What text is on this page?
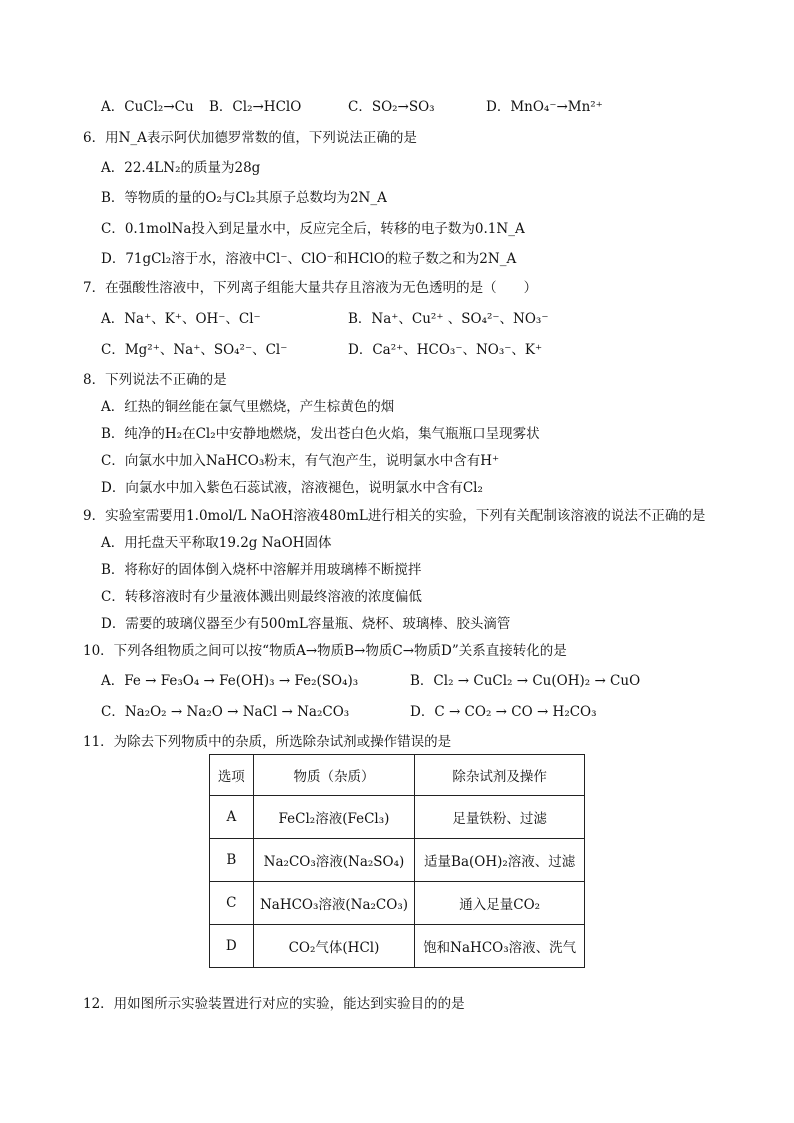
A．CuCl₂→Cu B．Cl₂→HClO	C．SO₂→SO₃	D．MnO₄⁻→Mn²⁺
6．用N_A表示阿伏加德罗常数的值，下列说法正确的是
A．22.4LN₂的质量为28g
B．等物质的量的O₂与Cl₂其原子总数均为2N_A
C．0.1molNa投入到足量水中，反应完全后，转移的电子数为0.1N_A
D．71gCl₂溶于水，溶液中Cl⁻、ClO⁻和HClO的粒子数之和为2N_A
7．在强酸性溶液中，下列离子组能大量共存且溶液为无色透明的是（　　）
A．Na⁺、K⁺、OH⁻、Cl⁻	B．Na⁺、Cu²⁺ 、SO₄²⁻、NO₃⁻
C．Mg²⁺、Na⁺、SO₄²⁻、Cl⁻	D．Ca²⁺、HCO₃⁻、NO₃⁻、K⁺
8．下列说法不正确的是
A．红热的铜丝能在氯气里燃烧，产生棕黄色的烟
B．纯净的H₂在Cl₂中安静地燃烧，发出苍白色火焰，集气瓶瓶口呈现雾状
C．向氯水中加入NaHCO₃粉末，有气泡产生，说明氯水中含有H⁺
D．向氯水中加入紫色石蕊试液，溶液褪色，说明氯水中含有Cl₂
9．实验室需要用1.0mol/L NaOH溶液480mL进行相关的实验，下列有关配制该溶液的说法不正确的是
A．用托盘天平称取19.2g NaOH固体
B．将称好的固体倒入烧杯中溶解并用玻璃棒不断搅拌
C．转移溶液时有少量液体溅出则最终溶液的浓度偏低
D．需要的玻璃仪器至少有500mL容量瓶、烧杯、玻璃棒、胶头滴管
10．下列各组物质之间可以按“物质A→物质B→物质C→物质D”关系直接转化的是
A．Fe → Fe₃O₄ → Fe(OH)₃ → Fe₂(SO₄)₃	B．Cl₂ → CuCl₂ → Cu(OH)₂ → CuO
C．Na₂O₂ → Na₂O → NaCl → Na₂CO₃	D．C → CO₂ → CO → H₂CO₃
11．为除去下列物质中的杂质，所选除杂试剂或操作错误的是
选项	物质（杂质）	除杂试剂及操作
A	FeCl₂溶液(FeCl₃)	足量铁粉、过滤
B	Na₂CO₃溶液(Na₂SO₄)	适量Ba(OH)₂溶液、过滤
C	NaHCO₃溶液(Na₂CO₃)	通入足量CO₂
D	CO₂气体(HCl)	饱和NaHCO₃溶液、洗气
12．用如图所示实验装置进行对应的实验，能达到实验目的的是
